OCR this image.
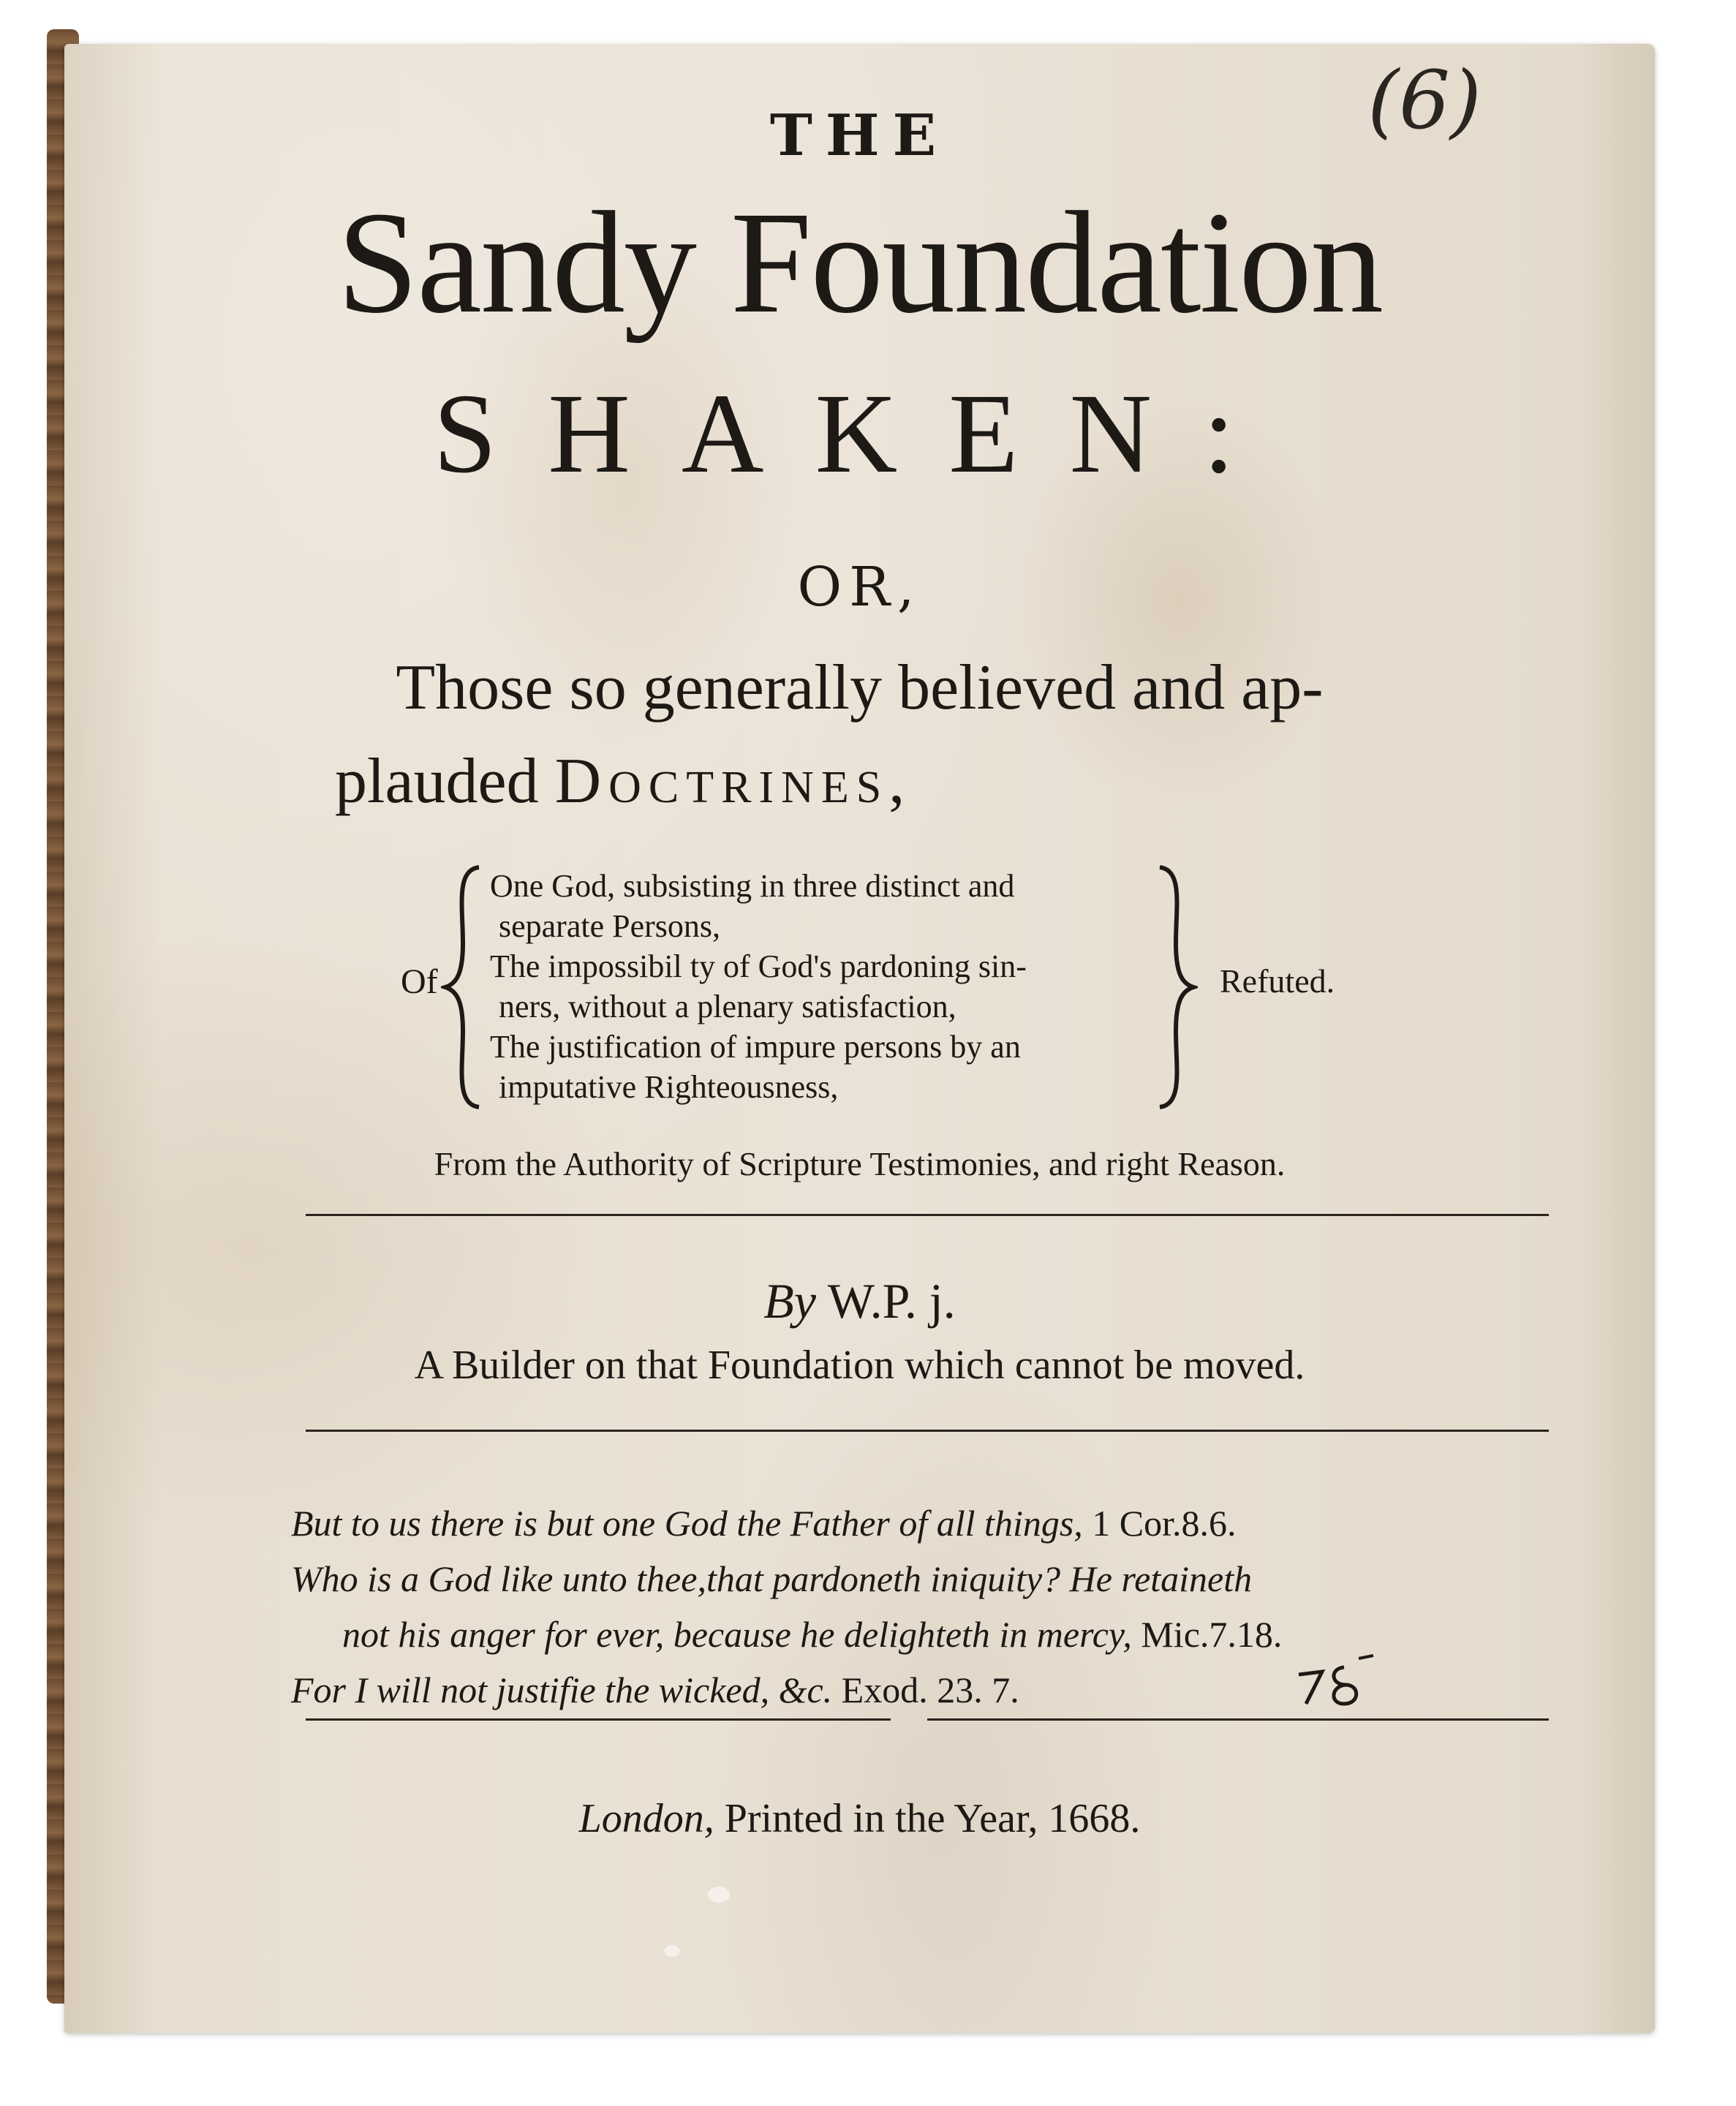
(6)
THE
Sandy Foundation
SHAKEN:
OR,
Those so generally believed and ap-
plauded Doctrines,
Of
One God, subsisting in three distinct and
separate Persons,
The impossibil ty of God's pardoning sin-
ners, without a plenary satisfaction,
The justification of impure persons by an
imputative Righteousness,
Refuted.
From the Authority of Scripture Testimonies, and right Reason.
By W.P. j.
A Builder on that Foundation which cannot be moved.
But to us there is but one God the Father of all things, 1 Cor.8.6.
Who is a God like unto thee,that pardoneth iniquity? He retaineth
not his anger for ever, because he delighteth in mercy, Mic.7.18.
For I will not justifie the wicked, &c. Exod. 23. 7.
London, Printed in the Year, 1668.
